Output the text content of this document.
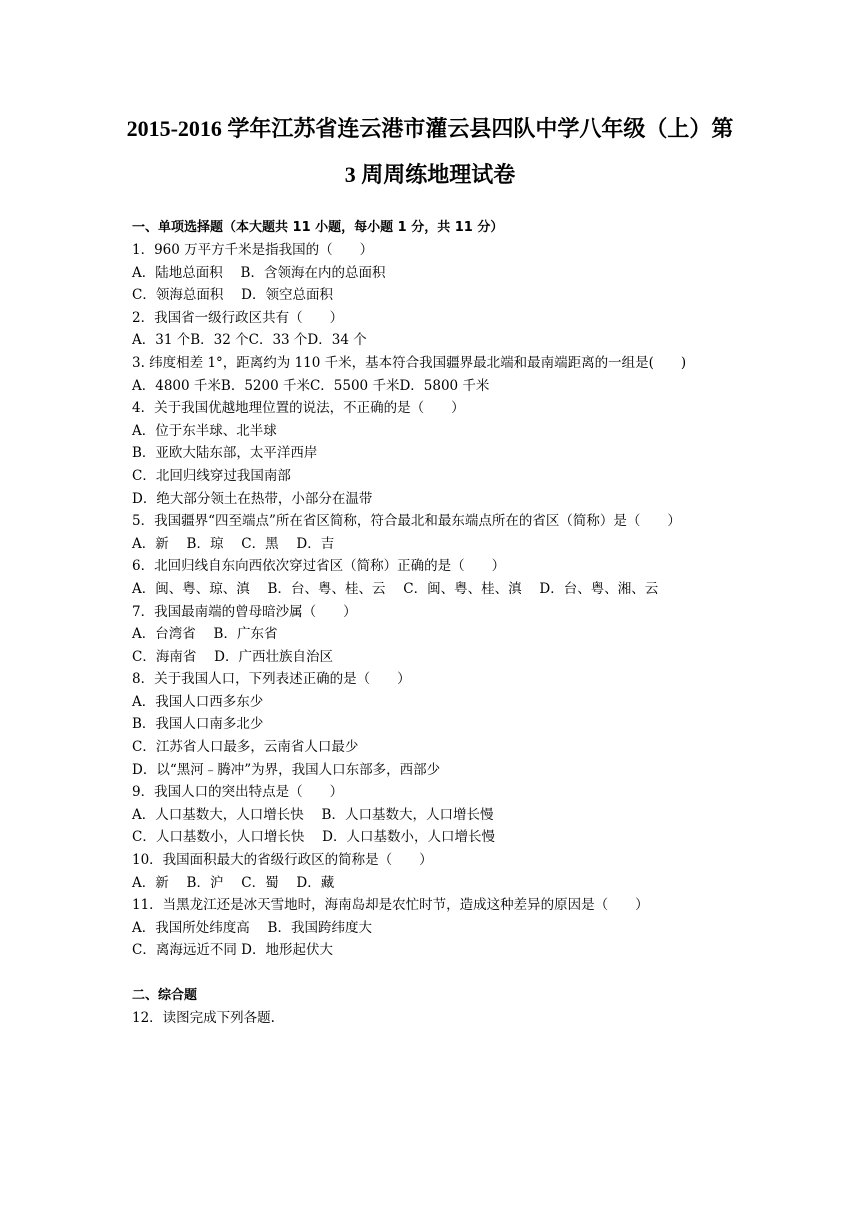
2015-2016 学年江苏省连云港市灌云县四队中学八年级（上）第
3 周周练地理试卷
一、单项选择题（本大题共 11 小题，每小题 1 分，共 11 分）
1．960 万平方千米是指我国的（　　）
A．陆地总面积　 B．含领海在内的总面积
C．领海总面积　 D．领空总面积
2．我国省一级行政区共有（　　）
A．31 个B．32 个C．33 个D．34 个
3. 纬度相差 1°，距离约为 110 千米，基本符合我国疆界最北端和最南端距离的一组是(　　)
A．4800 千米B．5200 千米C．5500 千米D．5800 千米
4．关于我国优越地理位置的说法，不正确的是（　　）
A．位于东半球、北半球
B．亚欧大陆东部，太平洋西岸
C．北回归线穿过我国南部
D．绝大部分领土在热带，小部分在温带
5．我国疆界“四至端点”所在省区简称，符合最北和最东端点所在的省区（简称）是（　　）
A．新　 B．琼　 C．黑　 D．吉
6．北回归线自东向西依次穿过省区（简称）正确的是（　　）
A．闽、粤、琼、滇　 B．台、粤、桂、云　 C．闽、粤、桂、滇　 D．台、粤、湘、云
7．我国最南端的曾母暗沙属（　　）
A．台湾省　 B．广东省
C．海南省　 D．广西壮族自治区
8．关于我国人口，下列表述正确的是（　　）
A．我国人口西多东少
B．我国人口南多北少
C．江苏省人口最多，云南省人口最少
D．以“黑河﹣腾冲”为界，我国人口东部多，西部少
9．我国人口的突出特点是（　　）
A．人口基数大，人口增长快　 B．人口基数大，人口增长慢
C．人口基数小，人口增长快　 D．人口基数小，人口增长慢
10．我国面积最大的省级行政区的简称是（　　）
A．新　 B．沪　 C．蜀　 D．藏
11．当黑龙江还是冰天雪地时，海南岛却是农忙时节，造成这种差异的原因是（　　）
A．我国所处纬度高　 B．我国跨纬度大
C．离海远近不同 D．地形起伏大
二、综合题
12．读图完成下列各题.
